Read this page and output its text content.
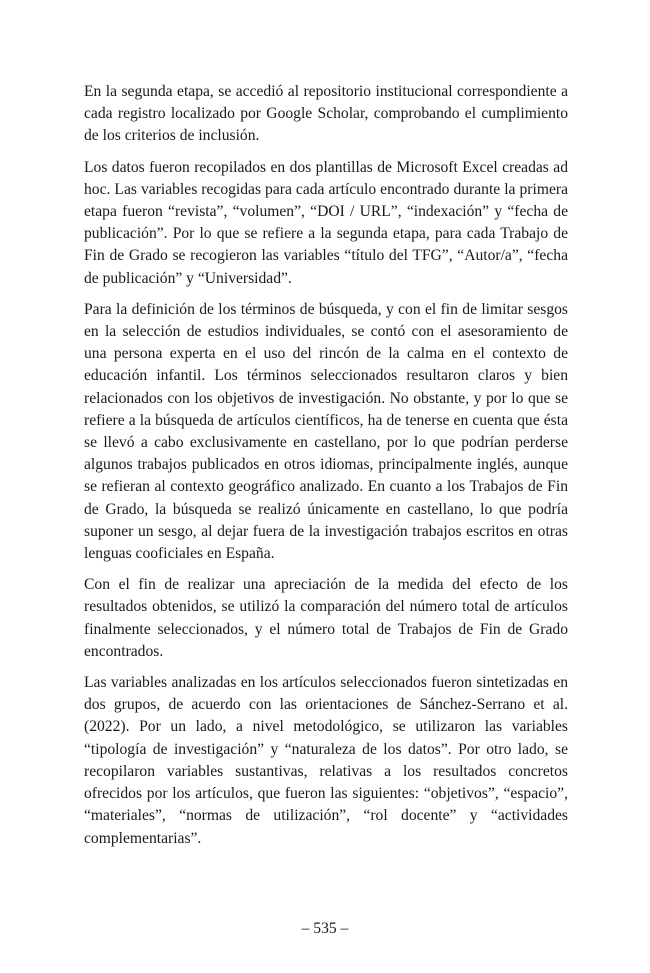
En la segunda etapa, se accedió al repositorio institucional correspondiente a cada registro localizado por Google Scholar, comprobando el cumplimiento de los criterios de inclusión.

Los datos fueron recopilados en dos plantillas de Microsoft Excel creadas ad hoc. Las variables recogidas para cada artículo encontrado durante la primera etapa fueron “revista”, “volumen”, “DOI / URL”, “indexación” y “fecha de publicación”. Por lo que se refiere a la segunda etapa, para cada Trabajo de Fin de Grado se recogieron las variables “título del TFG”, “Autor/a”, “fecha de publicación” y “Universidad”.

Para la definición de los términos de búsqueda, y con el fin de limitar sesgos en la selección de estudios individuales, se contó con el asesoramiento de una persona experta en el uso del rincón de la calma en el contexto de educación infantil. Los términos seleccionados resultaron claros y bien relacionados con los objetivos de investigación. No obstante, y por lo que se refiere a la búsqueda de artículos científicos, ha de tenerse en cuenta que ésta se llevó a cabo exclusivamente en castellano, por lo que podrían perderse algunos trabajos publicados en otros idiomas, principalmente inglés, aunque se refieran al contexto geográfico analizado. En cuanto a los Trabajos de Fin de Grado, la búsqueda se realizó únicamente en castellano, lo que podría suponer un sesgo, al dejar fuera de la investigación trabajos escritos en otras lenguas cooficiales en España.

Con el fin de realizar una apreciación de la medida del efecto de los resultados obtenidos, se utilizó la comparación del número total de artículos finalmente seleccionados, y el número total de Trabajos de Fin de Grado encontrados.

Las variables analizadas en los artículos seleccionados fueron sintetizadas en dos grupos, de acuerdo con las orientaciones de Sánchez-Serrano et al. (2022). Por un lado, a nivel metodológico, se utilizaron las variables “tipología de investigación” y “naturaleza de los datos”. Por otro lado, se recopilaron variables sustantivas, relativas a los resultados concretos ofrecidos por los artículos, que fueron las siguientes: “objetivos”, “espacio”, “materiales”, “normas de utilización”, “rol docente” y “actividades complementarias”.

– 535 –
